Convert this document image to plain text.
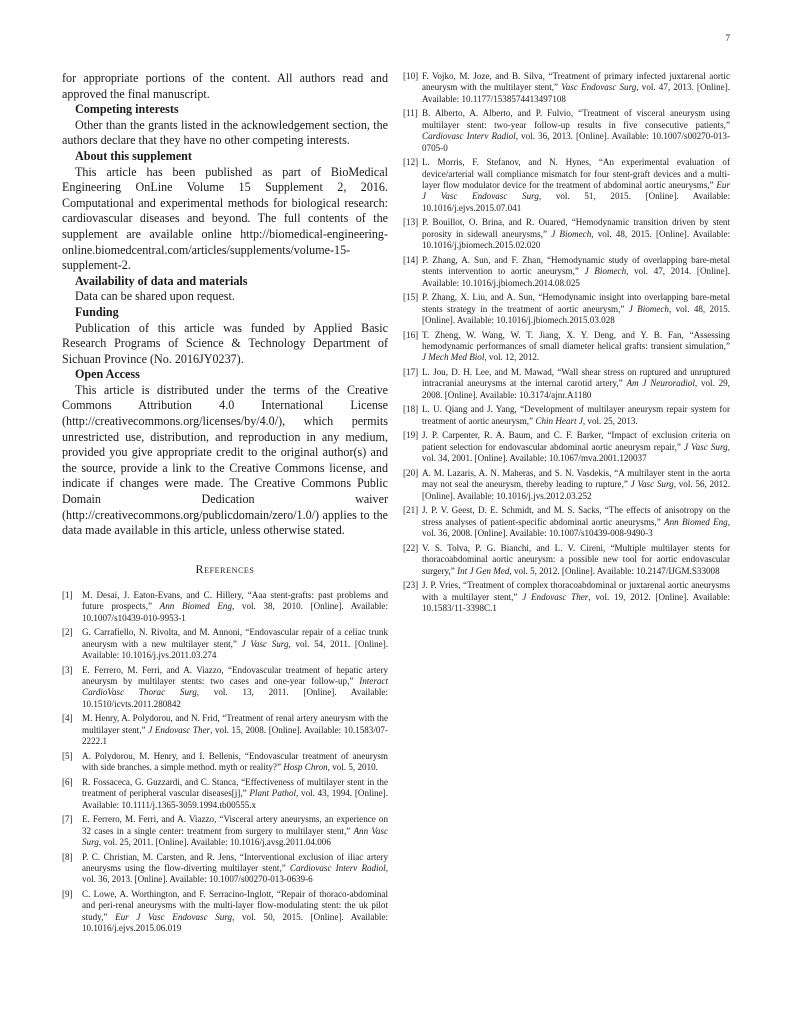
7

for appropriate portions of the content. All authors read and approved the final manuscript.

Competing interests

Other than the grants listed in the acknowledgement section, the authors declare that they have no other competing interests.

About this supplement

This article has been published as part of BioMedical Engineering OnLine Volume 15 Supplement 2, 2016. Computational and experimental methods for biological research: cardiovascular diseases and beyond. The full contents of the supplement are available online http://biomedical-engineering-online.biomedcentral.com/articles/supplements/volume-15-supplement-2.

Availability of data and materials

Data can be shared upon request.

Funding

Publication of this article was funded by Applied Basic Research Programs of Science & Technology Department of Sichuan Province (No. 2016JY0237).

Open Access

This article is distributed under the terms of the Creative Commons Attribution 4.0 International License (http://creativecommons.org/licenses/by/4.0/), which permits unrestricted use, distribution, and reproduction in any medium, provided you give appropriate credit to the original author(s) and the source, provide a link to the Creative Commons license, and indicate if changes were made. The Creative Commons Public Domain Dedication waiver (http://creativecommons.org/publicdomain/zero/1.0/) applies to the data made available in this article, unless otherwise stated.

References
[1]	M. Desai, J. Eaton-Evans, and C. Hillery, “Aaa stent-grafts: past problems and future prospects,” Ann Biomed Eng, vol. 38, 2010. [Online]. Available: 10.1007/s10439-010-9953-1
[2]	G. Carrafiello, N. Rivolta, and M. Annoni, “Endovascular repair of a celiac trunk aneurysm with a new multilayer stent,” J Vasc Surg, vol. 54, 2011. [Online]. Available: 10.1016/j.jvs.2011.03.274
[3]	E. Ferrero, M. Ferri, and A. Viazzo, “Endovascular treatment of hepatic artery aneurysm by multilayer stents: two cases and one-year follow-up,” Interact CardioVasc Thorac Surg, vol. 13, 2011. [Online]. Available: 10.1510/icvts.2011.280842
[4]	M. Henry, A. Polydorou, and N. Frid, “Treatment of renal artery aneurysm with the multilayer stent,” J Endovasc Ther, vol. 15, 2008. [Online]. Available: 10.1583/07-2222.1
[5]	A. Polydorou, M. Henry, and I. Bellenis, “Endovascular treatment of aneurysm with side branches. a simple method. myth or reality?” Hosp Chron, vol. 5, 2010.
[6]	R. Fossaceca, G. Guzzardi, and C. Stanca, “Effectiveness of multilayer stent in the treatment of peripheral vascular diseases[j],” Plant Pathol, vol. 43, 1994. [Online]. Available: 10.1111/j.1365-3059.1994.tb00555.x
[7]	E. Ferrero, M. Ferri, and A. Viazzo, “Visceral artery aneurysms, an experience on 32 cases in a single center: treatment from surgery to multilayer stent,” Ann Vasc Surg, vol. 25, 2011. [Online]. Available: 10.1016/j.avsg.2011.04.006
[8]	P. C. Christian, M. Carsten, and R. Jens, “Interventional exclusion of iliac artery aneurysms using the flow-diverting multilayer stent,” Cardiovasc Interv Radiol, vol. 36, 2013. [Online]. Available: 10.1007/s00270-013-0639-6
[9]	C. Lowe, A. Worthington, and F. Serracino-Inglott, “Repair of thoraco-abdominal and peri-renal aneurysms with the multi-layer flow-modulating stent: the uk pilot study,” Eur J Vasc Endovasc Surg, vol. 50, 2015. [Online]. Available: 10.1016/j.ejvs.2015.06.019
[10] F. Vojko, M. Joze, and B. Silva, “Treatment of primary infected juxtarenal aortic aneurysm with the multilayer stent,” Vasc Endovasc Surg, vol. 47, 2013. [Online]. Available: 10.1177/1538574413497108
[11] B. Alberto, A. Alberto, and P. Fulvio, “Treatment of visceral aneurysm using multilayer stent: two-year follow-up results in five consecutive patients,” Cardiovasc Interv Radiol, vol. 36, 2013. [Online]. Available: 10.1007/s00270-013-0705-0
[12] L. Morris, F. Stefanov, and N. Hynes, “An experimental evaluation of device/arterial wall compliance mismatch for four stent-graft devices and a multi-layer flow modulator device for the treatment of abdominal aortic aneurysms,” Eur J Vasc Endovasc Surg, vol. 51, 2015. [Online]. Available: 10.1016/j.ejvs.2015.07.041
[13] P. Bouillot, O. Brina, and R. Ouared, “Hemodynamic transition driven by stent porosity in sidewall aneurysms,” J Biomech, vol. 48, 2015. [Online]. Available: 10.1016/j.jbiomech.2015.02.020
[14] P. Zhang, A. Sun, and F. Zhan, “Hemodynamic study of overlapping bare-metal stents intervention to aortic aneurysm,” J Biomech, vol. 47, 2014. [Online]. Available: 10.1016/j.jbiomech.2014.08.025
[15] P. Zhang, X. Liu, and A. Sun, “Hemodynamic insight into overlapping bare-metal stents strategy in the treatment of aortic aneurysm,” J Biomech, vol. 48, 2015. [Online]. Available: 10.1016/j.jbiomech.2015.03.028
[16] T. Zheng, W. Wang, W. T. Jiang, X. Y. Deng, and Y. B. Fan, “Assessing hemodynamic performances of small diameter helical grafts: transient simulation,” J Mech Med Biol, vol. 12, 2012.
[17] L. Jou, D. H. Lee, and M. Mawad, “Wall shear stress on ruptured and unruptured intracranial aneurysms at the internal carotid artery,” Am J Neuroradiol, vol. 29, 2008. [Online]. Available: 10.3174/ajnr.A1180
[18] L. U. Qiang and J. Yang, “Development of multilayer aneurysm repair system for treatment of aortic aneurysm,” Chin Heart J, vol. 25, 2013.
[19] J. P. Carpenter, R. A. Baum, and C. F. Barker, “Impact of exclusion criteria on patient selection for endovascular abdominal aortic aneurysm repair,” J Vasc Surg, vol. 34, 2001. [Online]. Available: 10.1067/mva.2001.120037
[20] A. M. Lazaris, A. N. Maheras, and S. N. Vasdekis, “A multilayer stent in the aorta may not seal the aneurysm, thereby leading to rupture,” J Vasc Surg, vol. 56, 2012. [Online]. Available: 10.1016/j.jvs.2012.03.252
[21] J. P. V. Geest, D. E. Schmidt, and M. S. Sacks, “The effects of anisotropy on the stress analyses of patient-specific abdominal aortic aneurysms,” Ann Biomed Eng, vol. 36, 2008. [Online]. Available: 10.1007/s10439-008-9490-3
[22] V. S. Tolva, P. G. Bianchi, and L. V. Cireni, “Multiple multilayer stents for thoracoabdominal aortic aneurysm: a possible new tool for aortic endovascular surgery,” Int J Gen Med, vol. 5, 2012. [Online]. Available: 10.2147/IJGM.S33008
[23] J. P. Vries, “Treatment of complex thoracoabdominal or juxtarenal aortic aneurysms with a multilayer stent,” J Endovasc Ther, vol. 19, 2012. [Online]. Available: 10.1583/11-3398C.1
